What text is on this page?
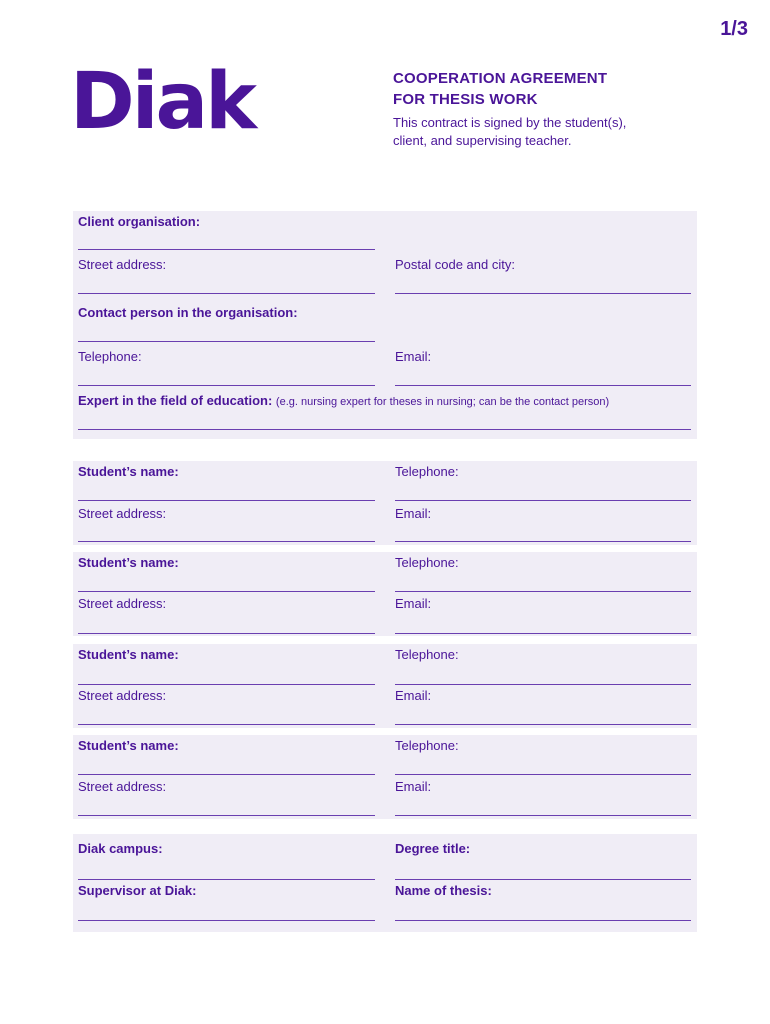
1/3
Diak	COOPERATION AGREEMENT
FOR THESIS WORK
This contract is signed by the student(s),
client, and supervising teacher.
Client organisation:
Street address:	Postal code and city:
Contact person in the organisation:
Telephone:	Email:
Expert in the field of education: (e.g. nursing expert for theses in nursing; can be the contact person)
Student’s name:	Telephone:
Street address:	Email:
Student’s name:	Telephone:
Street address:	Email:
Student’s name:	Telephone:
Street address:	Email:
Student’s name:	Telephone:
Street address:	Email:
Diak campus:	Degree title:
Supervisor at Diak:	Name of thesis:
